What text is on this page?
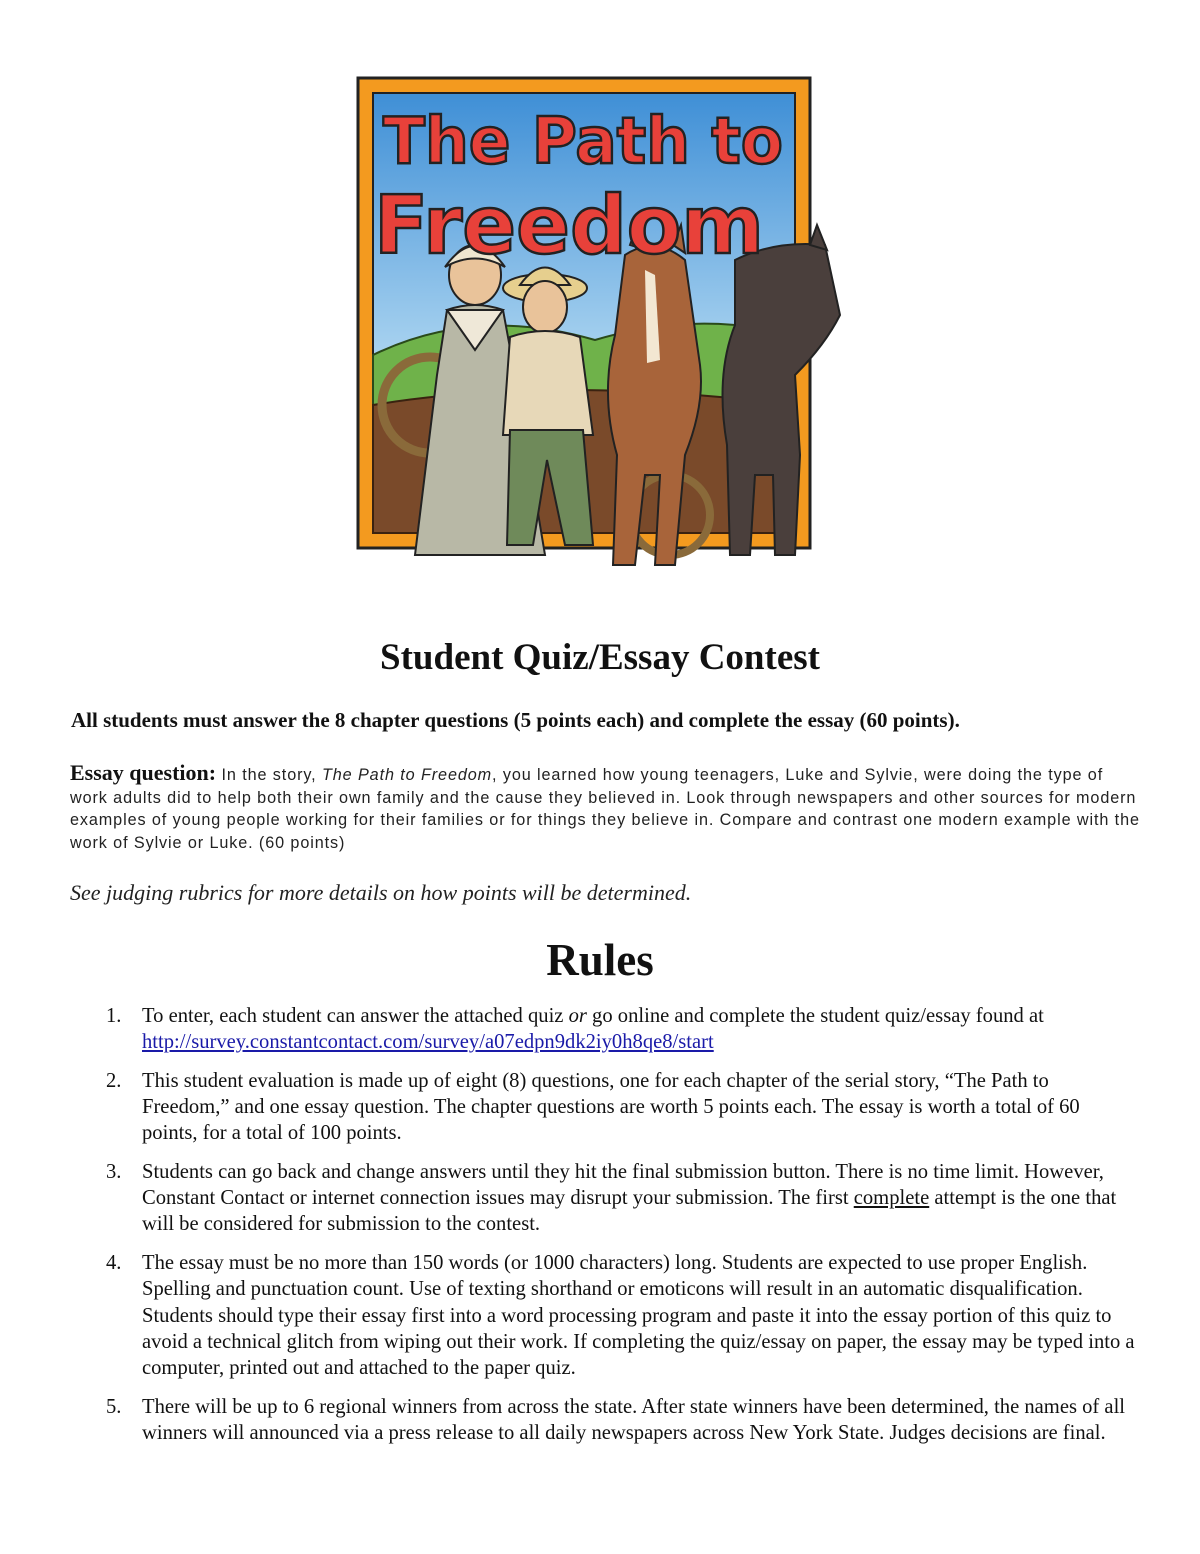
The Path to
Freedom
Student Quiz/Essay Contest

All students must answer the 8 chapter questions (5 points each) and complete the essay (60 points).

Essay question: In the story, The Path to Freedom, you learned how young teenagers, Luke and Sylvie, were doing the type of work adults did to help both their own family and the cause they believed in. Look through newspapers and other sources for modern examples of young people working for their families or for things they believe in. Compare and contrast one modern example with the work of Sylvie or Luke. (60 points)

See judging rubrics for more details on how points will be determined.

Rules
1. To enter, each student can answer the attached quiz or go online and complete the student quiz/essay found at http://survey.constantcontact.com/survey/a07edpn9dk2iy0h8qe8/start
2. This student evaluation is made up of eight (8) questions, one for each chapter of the serial story, “The Path to Freedom,” and one essay question. The chapter questions are worth 5 points each. The essay is worth a total of 60 points, for a total of 100 points.
3. Students can go back and change answers until they hit the final submission button. There is no time limit. However, Constant Contact or internet connection issues may disrupt your submission. The first complete attempt is the one that will be considered for submission to the contest.
4. The essay must be no more than 150 words (or 1000 characters) long. Students are expected to use proper English. Spelling and punctuation count. Use of texting shorthand or emoticons will result in an automatic disqualification. Students should type their essay first into a word processing program and paste it into the essay portion of this quiz to avoid a technical glitch from wiping out their work. If completing the quiz/essay on paper, the essay may be typed into a computer, printed out and attached to the paper quiz.
5. There will be up to 6 regional winners from across the state. After state winners have been determined, the names of all winners will announced via a press release to all daily newspapers across New York State. Judges decisions are final.
